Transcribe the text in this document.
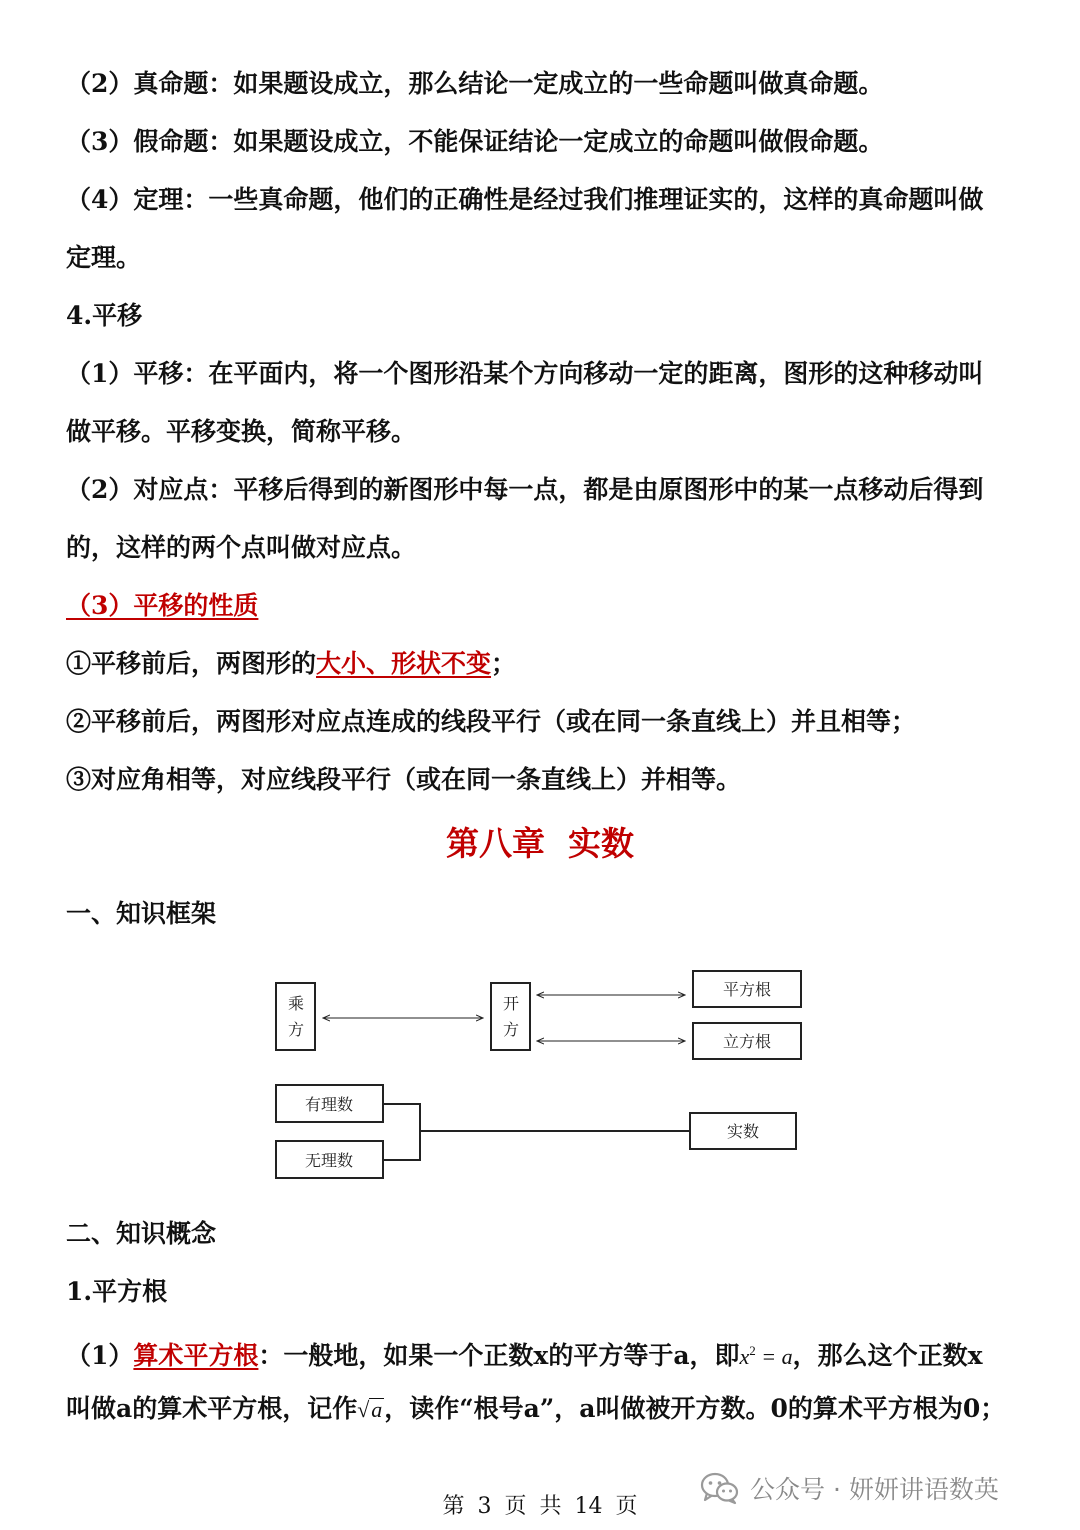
（2）真命题：如果题设成立，那么结论一定成立的一些命题叫做真命题。
（3）假命题：如果题设成立，不能保证结论一定成立的命题叫做假命题。
（4）定理：一些真命题，他们的正确性是经过我们推理证实的，这样的真命题叫做
定理。
4.平移
（1）平移：在平面内，将一个图形沿某个方向移动一定的距离，图形的这种移动叫
做平移。平移变换，简称平移。
（2）对应点：平移后得到的新图形中每一点，都是由原图形中的某一点移动后得到
的，这样的两个点叫做对应点。
（3）平移的性质
①平移前后，两图形的大小、形状不变；
②平移前后，两图形对应点连成的线段平行（或在同一条直线上）并且相等；
③对应角相等，对应线段平行（或在同一条直线上）并相等。
第八章  实数
一、知识框架
乘
方
开
方
平方根
立方根
有理数
无理数
实数
二、知识概念
1.平方根
（1）算术平方根：一般地，如果一个正数x的平方等于a，即$x^2 = a$，那么这个正数x
叫做a的算术平方根，记作√a，读作“根号a”，a叫做被开方数。0的算术平方根为0；
公众号 · 妍妍讲语数英
第 3 页 共 14 页
